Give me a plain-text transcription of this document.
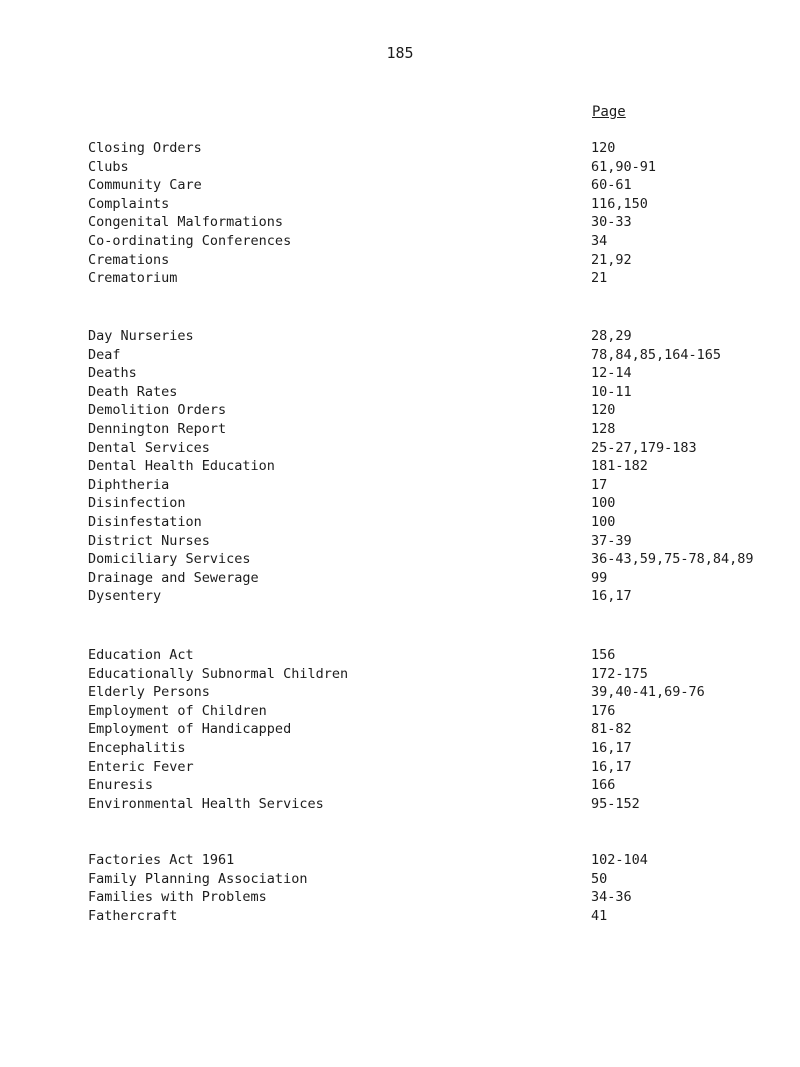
185
Page
Closing Orders	120
Clubs	61,90-91
Community Care	60-61
Complaints	116,150
Congenital Malformations	30-33
Co-ordinating Conferences	34
Cremations	21,92
Crematorium	21
Day Nurseries	28,29
Deaf	78,84,85,164-165
Deaths	12-14
Death Rates	10-11
Demolition Orders	120
Dennington Report	128
Dental Services	25-27,179-183
Dental Health Education	181-182
Diphtheria	17
Disinfection	100
Disinfestation	100
District Nurses	37-39
Domiciliary Services	36-43,59,75-78,84,89
Drainage and Sewerage	99
Dysentery	16,17
Education Act	156
Educationally Subnormal Children	172-175
Elderly Persons	39,40-41,69-76
Employment of Children	176
Employment of Handicapped	81-82
Encephalitis	16,17
Enteric Fever	16,17
Enuresis	166
Environmental Health Services	95-152
Factories Act 1961	102-104
Family Planning Association	50
Families with Problems	34-36
Fathercraft	41
